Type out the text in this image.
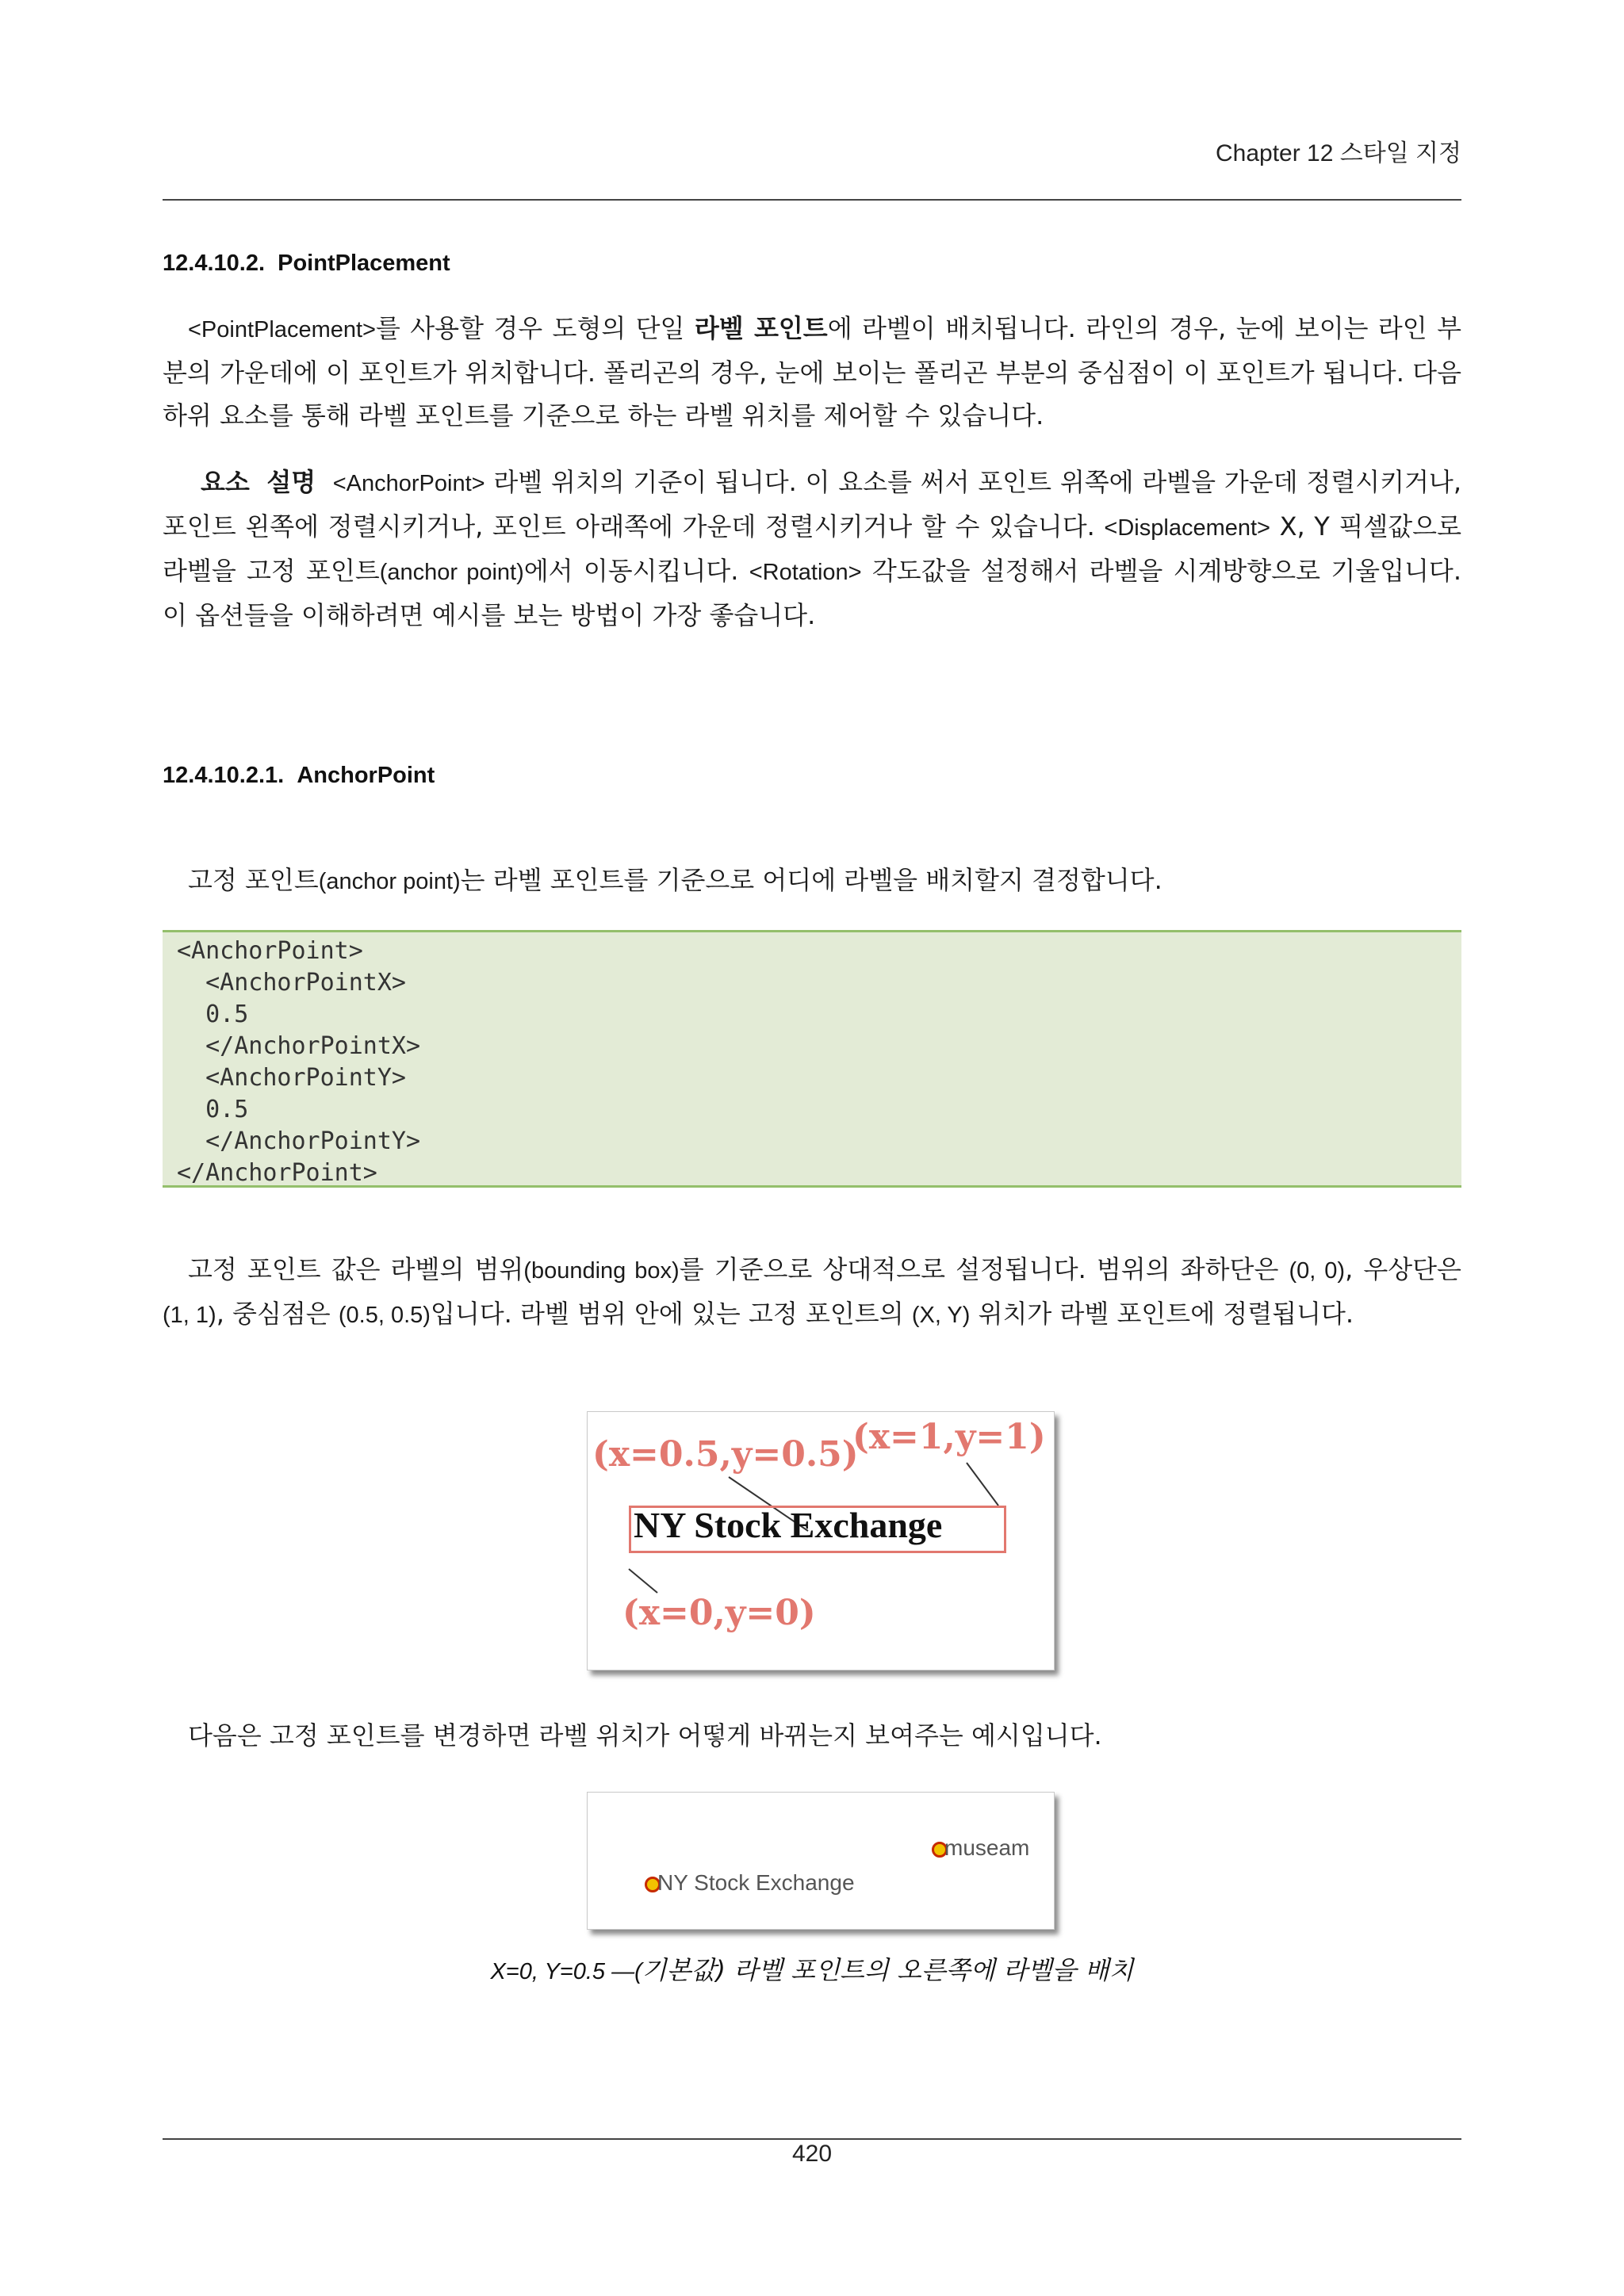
Chapter 12 스타일 지정
12.4.10.2. PointPlacement
<PointPlacement>를 사용할 경우 도형의 단일 라벨 포인트에 라벨이 배치됩니다. 라인의 경우, 눈에 보이는 라인 부분의 가운데에 이 포인트가 위치합니다. 폴리곤의 경우, 눈에 보이는 폴리곤 부분의 중심점이 이 포인트가 됩니다. 다음 하위 요소를 통해 라벨 포인트를 기준으로 하는 라벨 위치를 제어할 수 있습니다.
요소 설명 <AnchorPoint> 라벨 위치의 기준이 됩니다. 이 요소를 써서 포인트 위쪽에 라벨을 가운데 정렬시키거나, 포인트 왼쪽에 정렬시키거나, 포인트 아래쪽에 가운데 정렬시키거나 할 수 있습니다. <Displacement> X, Y 픽셀값으로 라벨을 고정 포인트(anchor point)에서 이동시킵니다. <Rotation> 각도값을 설정해서 라벨을 시계방향으로 기울입니다. 이 옵션들을 이해하려면 예시를 보는 방법이 가장 좋습니다.
12.4.10.2.1. AnchorPoint
고정 포인트(anchor point)는 라벨 포인트를 기준으로 어디에 라벨을 배치할지 결정합니다.
<AnchorPoint>
<AnchorPointX>
0.5
</AnchorPointX>
<AnchorPointY>
0.5
</AnchorPointY>
</AnchorPoint>
고정 포인트 값은 라벨의 범위(bounding box)를 기준으로 상대적으로 설정됩니다. 범위의 좌하단은 (0, 0), 우상단은 (1, 1), 중심점은 (0.5, 0.5)입니다. 라벨 범위 안에 있는 고정 포인트의 (X, Y) 위치가 라벨 포인트에 정렬됩니다.
(x=0.5,y=0.5)
(x=1,y=1)
NY Stock Exchange
(x=0,y=0)
다음은 고정 포인트를 변경하면 라벨 위치가 어떻게 바뀌는지 보여주는 예시입니다.
museam
NY Stock Exchange
X=0, Y=0.5 —(기본값) 라벨 포인트의 오른쪽에 라벨을 배치
420
